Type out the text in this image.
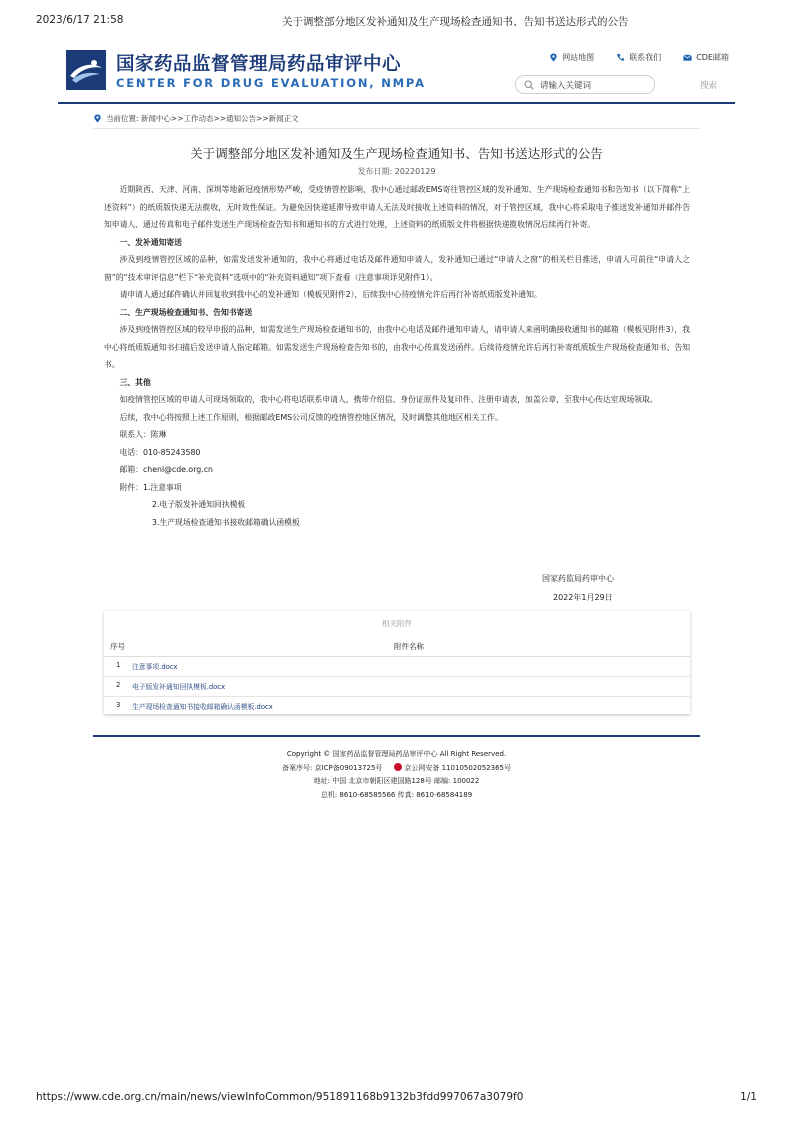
2023/6/17 21:58	关于调整部分地区发补通知及生产现场检查通知书、告知书送达形式的公告
国家药品监督管理局药品审评中心
CENTER FOR DRUG EVALUATION, NMPA
网站地图	联系我们	CDE邮箱
请输入关键词	搜索
当前位置: 新闻中心>>工作动态>>通知公告>>新闻正文
关于调整部分地区发补通知及生产现场检查通知书、告知书送达形式的公告
发布日期: 20220129

近期陕西、天津、河南、深圳等地新冠疫情形势严峻，受疫情管控影响，我中心通过邮政EMS寄往管控区域的发补通知、生产现场检查通知书和告知书（以下简称“上述资料”）的纸质版快递无法揽收，无时效性保证。为避免因快递延滞导致申请人无法及时接收上述资料的情况，对于管控区域，我中心将采取电子推送发补通知并邮件告知申请人、通过传真和电子邮件发送生产现场检查告知书和通知书的方式进行处理，上述资料的纸质版文件将根据快递揽收情况后续再行补寄。

一、发补通知寄送

涉及到疫情管控区域的品种，如需发送发补通知的，我中心将通过电话及邮件通知申请人，发补通知已通过“申请人之窗”的相关栏目推送，申请人可前往“申请人之窗”的“技术审评信息”栏下“补充资料”选项中的“补充资料通知”项下查看（注意事项详见附件1）。

请申请人通过邮件确认并回复收到我中心的发补通知（模板见附件2），后续我中心待疫情允许后再行补寄纸质版发补通知。

二、生产现场检查通知书、告知书寄送

涉及到疫情管控区域的较早申报的品种，如需发送生产现场检查通知书的，由我中心电话及邮件通知申请人，请申请人来函明确接收通知书的邮箱（模板见附件3），我中心将纸质版通知书扫描后发送申请人指定邮箱。如需发送生产现场检查告知书的，由我中心传真发送函件。后续待疫情允许后再行补寄纸质版生产现场检查通知书、告知书。

三、其他

如疫情管控区域的申请人可现场领取的，我中心将电话联系申请人，携带介绍信、身份证原件及复印件、注册申请表，加盖公章，至我中心传达室现场领取。

后续，我中心将按照上述工作原则，根据邮政EMS公司反馈的疫情管控地区情况，及时调整其他地区相关工作。

联系人：陈琳

电话：010-85243580

邮箱：chenl@cde.org.cn

附件：1.注意事项

2.电子版发补通知回执模板

3.生产现场检查通知书接收邮箱确认函模板

国家药监局药审中心
2022年1月29日
相关附件
序号	附件名称
1 注意事项.docx
2 电子版发补通知回执模板.docx
3 生产现场检查通知书接收邮箱确认函模板.docx
Copyright © 国家药品监督管理局药品审评中心 All Right Reserved.
备案序号: 京ICP备09013725号	京公网安备 11010502052365号
地址: 中国 北京市朝阳区建国路128号 邮编: 100022
总机: 8610-68585566 传真: 8610-68584189
https://www.cde.org.cn/main/news/viewInfoCommon/951891168b9132b3fdd997067a3079f0	1/1
